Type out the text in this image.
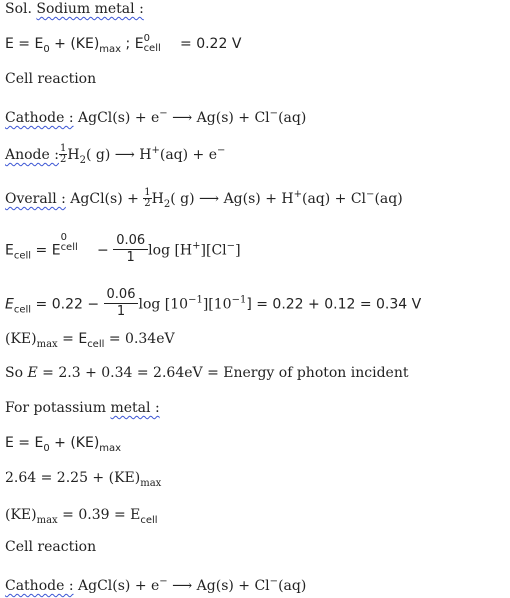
Sol. Sodium metal :
$E = E_0 + (KE)_{max}$ ; E 0
cell = 0.22 V
Cell reaction
Cathode : AgCl(s) + e− ⟶ Ag(s) + Cl−(aq)
Anode : $\frac{1}{2} H_2$( g) ⟶ H+(aq) + e−
Overall : AgCl(s) + $\frac{1}{2} H_2$( g) ⟶ Ag(s) + H+(aq) + Cl−(aq)
$E_{cell} = E$
0
cell − $\frac{0.06}{1}$ log [H+][Cl−]
$E_{cell} = 0.22 - \frac{0.06}{1}$ $\log [10^{-1}][10^{-1}] = 0.22 + 0.12 = 0.34$ V
$(KE)_{max} = E_{cell} = 0.34eV$
So E = 2.3 + 0.34 = 2.64eV = Energy of photon incident
For potassium metal :
$E = E_0 + (KE)_{max}$
$2.64 = 2.25 + (KE)_{max}$
$(KE)_{max} = 0.39 = E_{cell}$
Cell reaction
Cathode : AgCl(s) + e− ⟶ Ag(s) + Cl−(aq)
